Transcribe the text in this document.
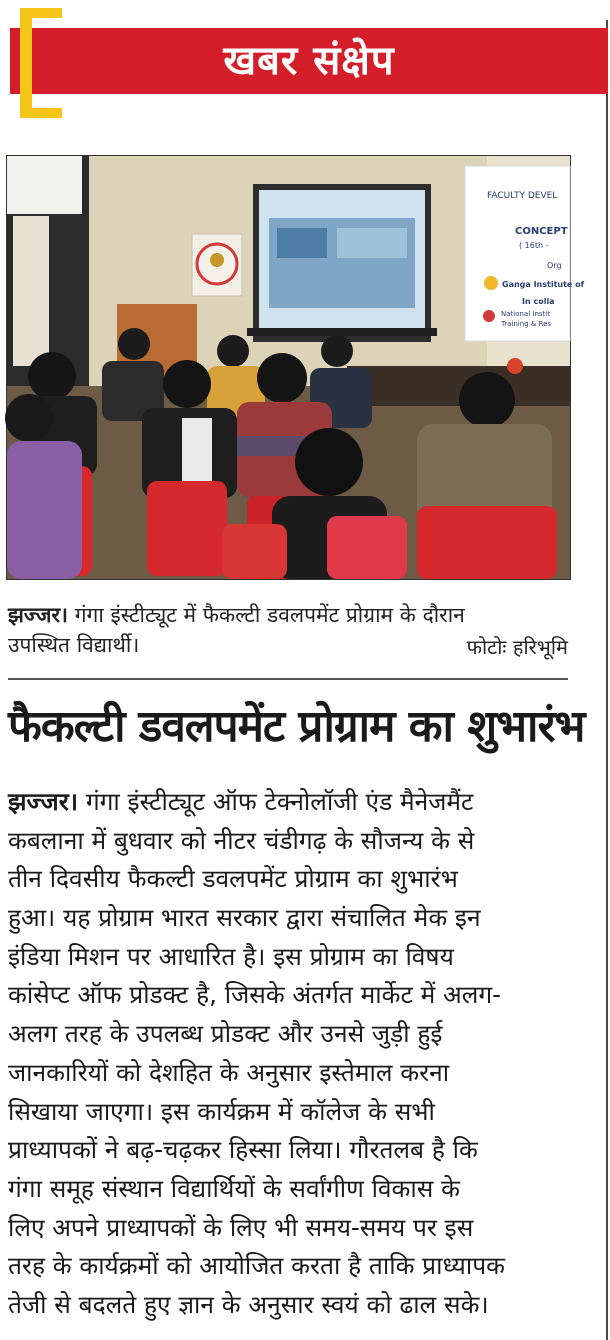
खबर संक्षेप
FACULTY DEVEL
CONCEPT
( 16th -
Org
Ganga Institute of
In colla
National Instit
Training & Res
झज्जर। गंगा इंस्टीट्यूट में फैकल्टी डवलपमेंट प्रोग्राम के दौरान
उपस्थित विद्यार्थी।	फोटोः हरिभूमि
फैकल्टी डवलपमेंट प्रोग्राम का शुभारंभ
झज्जर। गंगा इंस्टीट्यूट ऑफ टेक्नोलॉजी एंड मैनेजमैंट
कबलाना में बुधवार को नीटर चंडीगढ़ के सौजन्य के से
तीन दिवसीय फैकल्टी डवलपमेंट प्रोग्राम का शुभारंभ
हुआ। यह प्रोग्राम भारत सरकार द्वारा संचालित मेक इन
इंडिया मिशन पर आधारित है। इस प्रोग्राम का विषय
कांसेप्ट ऑफ प्रोडक्ट है, जिसके अंतर्गत मार्केट में अलग-
अलग तरह के उपलब्ध प्रोडक्ट और उनसे जुड़ी हुई
जानकारियों को देशहित के अनुसार इस्तेमाल करना
सिखाया जाएगा। इस कार्यक्रम में कॉलेज के सभी
प्राध्यापकों ने बढ़-चढ़कर हिस्सा लिया। गौरतलब है कि
गंगा समूह संस्थान विद्यार्थियों के सर्वांगीण विकास के
लिए अपने प्राध्यापकों के लिए भी समय-समय पर इस
तरह के कार्यक्रमों को आयोजित करता है ताकि प्राध्यापक
तेजी से बदलते हुए ज्ञान के अनुसार स्वयं को ढाल सके।
